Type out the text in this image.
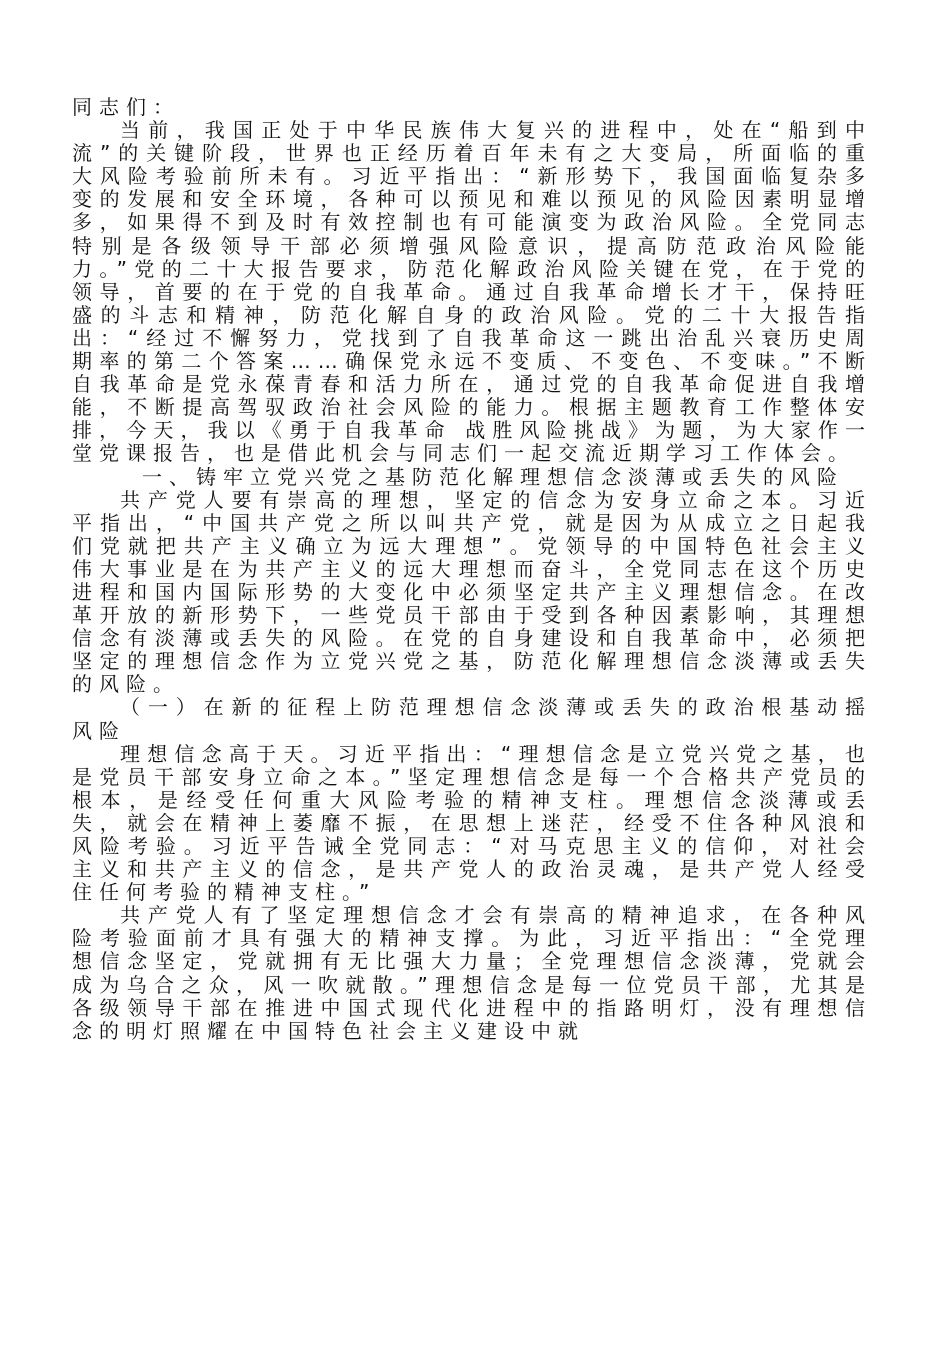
同志们：

当前，我国正处于中华民族伟大复兴的进程中，处在“船到中流”的关键阶段，世界也正经历着百年未有之大变局，所面临的重大风险考验前所未有。习近平指出：“新形势下，我国面临复杂多变的发展和安全环境，各种可以预见和难以预见的风险因素明显增多，如果得不到及时有效控制也有可能演变为政治风险。全党同志特别是各级领导干部必须增强风险意识，提高防范政治风险能力。”党的二十大报告要求，防范化解政治风险关键在党，在于党的领导，首要的在于党的自我革命。通过自我革命增长才干，保持旺盛的斗志和精神，防范化解自身的政治风险。党的二十大报告指出：“经过不懈努力，党找到了自我革命这一跳出治乱兴衰历史周期率的第二个答案……确保党永远不变质、不变色、不变味。”不断自我革命是党永葆青春和活力所在，通过党的自我革命促进自我增能，不断提高驾驭政治社会风险的能力。根据主题教育工作整体安排，今天，我以《勇于自我革命 战胜风险挑战》为题，为大家作一堂党课报告，也是借此机会与同志们一起交流近期学习工作体会。

一、铸牢立党兴党之基防范化解理想信念淡薄或丢失的风险

共产党人要有崇高的理想，坚定的信念为安身立命之本。习近平指出，“中国共产党之所以叫共产党，就是因为从成立之日起我们党就把共产主义确立为远大理想”。党领导的中国特色社会主义伟大事业是在为共产主义的远大理想而奋斗，全党同志在这个历史进程和国内国际形势的大变化中必须坚定共产主义理想信念。在改革开放的新形势下，一些党员干部由于受到各种因素影响，其理想信念有淡薄或丢失的风险。在党的自身建设和自我革命中，必须把坚定的理想信念作为立党兴党之基，防范化解理想信念淡薄或丢失的风险。

（一）在新的征程上防范理想信念淡薄或丢失的政治根基动摇风险

理想信念高于天。习近平指出：“理想信念是立党兴党之基，也是党员干部安身立命之本。”坚定理想信念是每一个合格共产党员的根本，是经受任何重大风险考验的精神支柱。理想信念淡薄或丢失，就会在精神上萎靡不振，在思想上迷茫，经受不住各种风浪和风险考验。习近平告诫全党同志：“对马克思主义的信仰，对社会主义和共产主义的信念，是共产党人的政治灵魂，是共产党人经受住任何考验的精神支柱。”

共产党人有了坚定理想信念才会有崇高的精神追求，在各种风险考验面前才具有强大的精神支撑。为此，习近平指出：“全党理想信念坚定，党就拥有无比强大力量；全党理想信念淡薄，党就会成为乌合之众，风一吹就散。”理想信念是每一位党员干部，尤其是各级领导干部在推进中国式现代化进程中的指路明灯，没有理想信念的明灯照耀在中国特色社会主义建设中就
